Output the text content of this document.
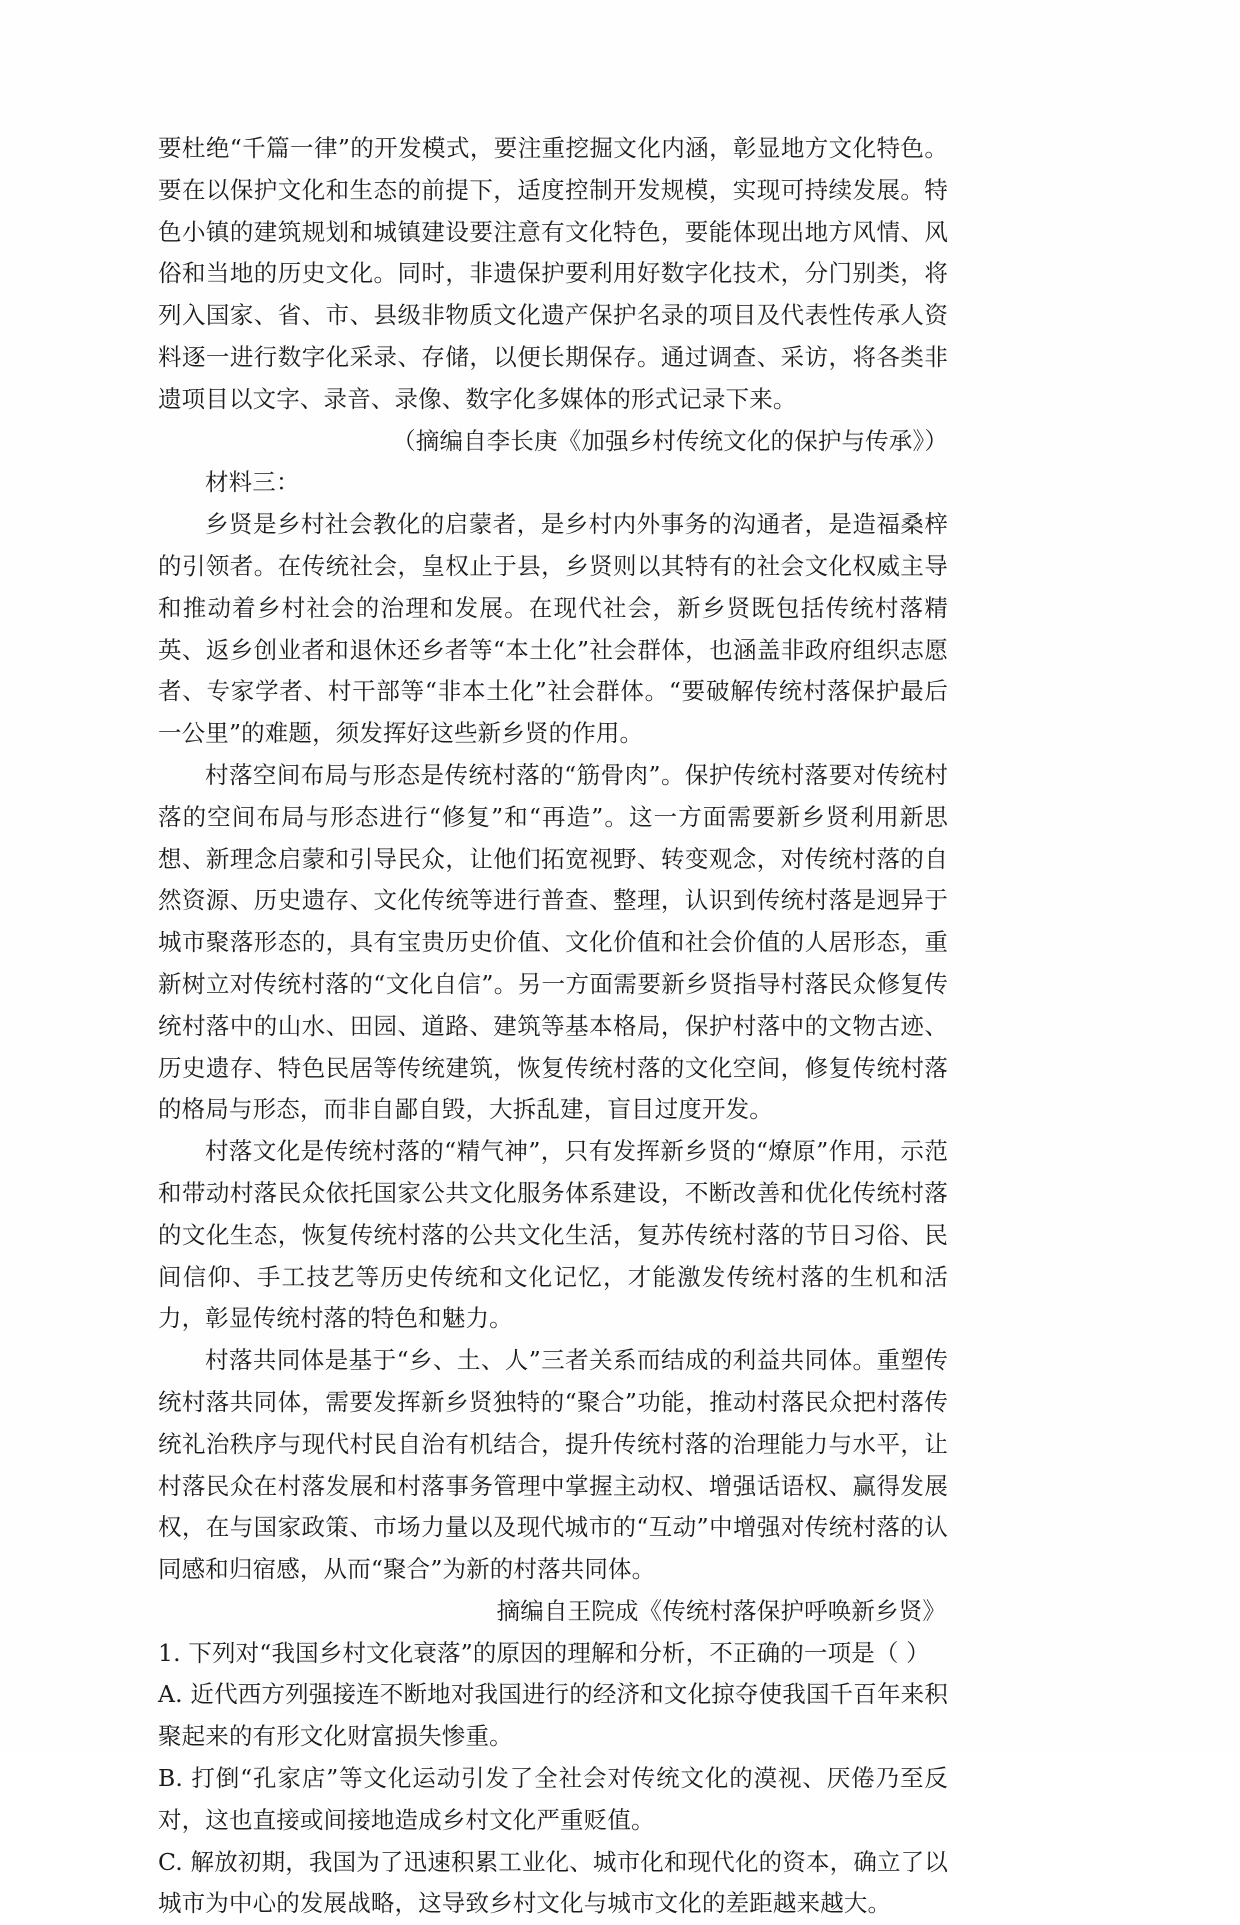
要杜绝“千篇一律”的开发模式，要注重挖掘文化内涵，彰显地方文化特色。要在以保护文化和生态的前提下，适度控制开发规模，实现可持续发展。特色小镇的建筑规划和城镇建设要注意有文化特色，要能体现出地方风情、风俗和当地的历史文化。同时，非遗保护要利用好数字化技术，分门别类，将列入国家、省、市、县级非物质文化遗产保护名录的项目及代表性传承人资料逐一进行数字化采录、存储，以便长期保存。通过调查、采访，将各类非遗项目以文字、录音、录像、数字化多媒体的形式记录下来。

（摘编自李长庚《加强乡村传统文化的保护与传承》）

材料三：

乡贤是乡村社会教化的启蒙者，是乡村内外事务的沟通者，是造福桑梓的引领者。在传统社会，皇权止于县，乡贤则以其特有的社会文化权威主导和推动着乡村社会的治理和发展。在现代社会，新乡贤既包括传统村落精英、返乡创业者和退休还乡者等“本土化”社会群体，也涵盖非政府组织志愿者、专家学者、村干部等“非本土化”社会群体。“要破解传统村落保护最后一公里”的难题，须发挥好这些新乡贤的作用。

村落空间布局与形态是传统村落的“筋骨肉”。保护传统村落要对传统村落的空间布局与形态进行“修复”和“再造”。这一方面需要新乡贤利用新思想、新理念启蒙和引导民众，让他们拓宽视野、转变观念，对传统村落的自然资源、历史遗存、文化传统等进行普查、整理，认识到传统村落是迥异于城市聚落形态的，具有宝贵历史价值、文化价值和社会价值的人居形态，重新树立对传统村落的“文化自信”。另一方面需要新乡贤指导村落民众修复传统村落中的山水、田园、道路、建筑等基本格局，保护村落中的文物古迹、历史遗存、特色民居等传统建筑，恢复传统村落的文化空间，修复传统村落的格局与形态，而非自鄙自毁，大拆乱建，盲目过度开发。

村落文化是传统村落的“精气神”，只有发挥新乡贤的“燎原”作用，示范和带动村落民众依托国家公共文化服务体系建设，不断改善和优化传统村落的文化生态，恢复传统村落的公共文化生活，复苏传统村落的节日习俗、民间信仰、手工技艺等历史传统和文化记忆，才能激发传统村落的生机和活力，彰显传统村落的特色和魅力。

村落共同体是基于“乡、土、人”三者关系而结成的利益共同体。重塑传统村落共同体，需要发挥新乡贤独特的“聚合”功能，推动村落民众把村落传统礼治秩序与现代村民自治有机结合，提升传统村落的治理能力与水平，让村落民众在村落发展和村落事务管理中掌握主动权、增强话语权、赢得发展权，在与国家政策、市场力量以及现代城市的“互动”中增强对传统村落的认同感和归宿感，从而“聚合”为新的村落共同体。

摘编自王院成《传统村落保护呼唤新乡贤》

1. 下列对“我国乡村文化衰落”的原因的理解和分析，不正确的一项是（ ）

A. 近代西方列强接连不断地对我国进行的经济和文化掠夺使我国千百年来积聚起来的有形文化财富损失惨重。

B. 打倒“孔家店”等文化运动引发了全社会对传统文化的漠视、厌倦乃至反对，这也直接或间接地造成乡村文化严重贬值。

C. 解放初期，我国为了迅速积累工业化、城市化和现代化的资本，确立了以城市为中心的发展战略，这导致乡村文化与城市文化的差距越来越大。
